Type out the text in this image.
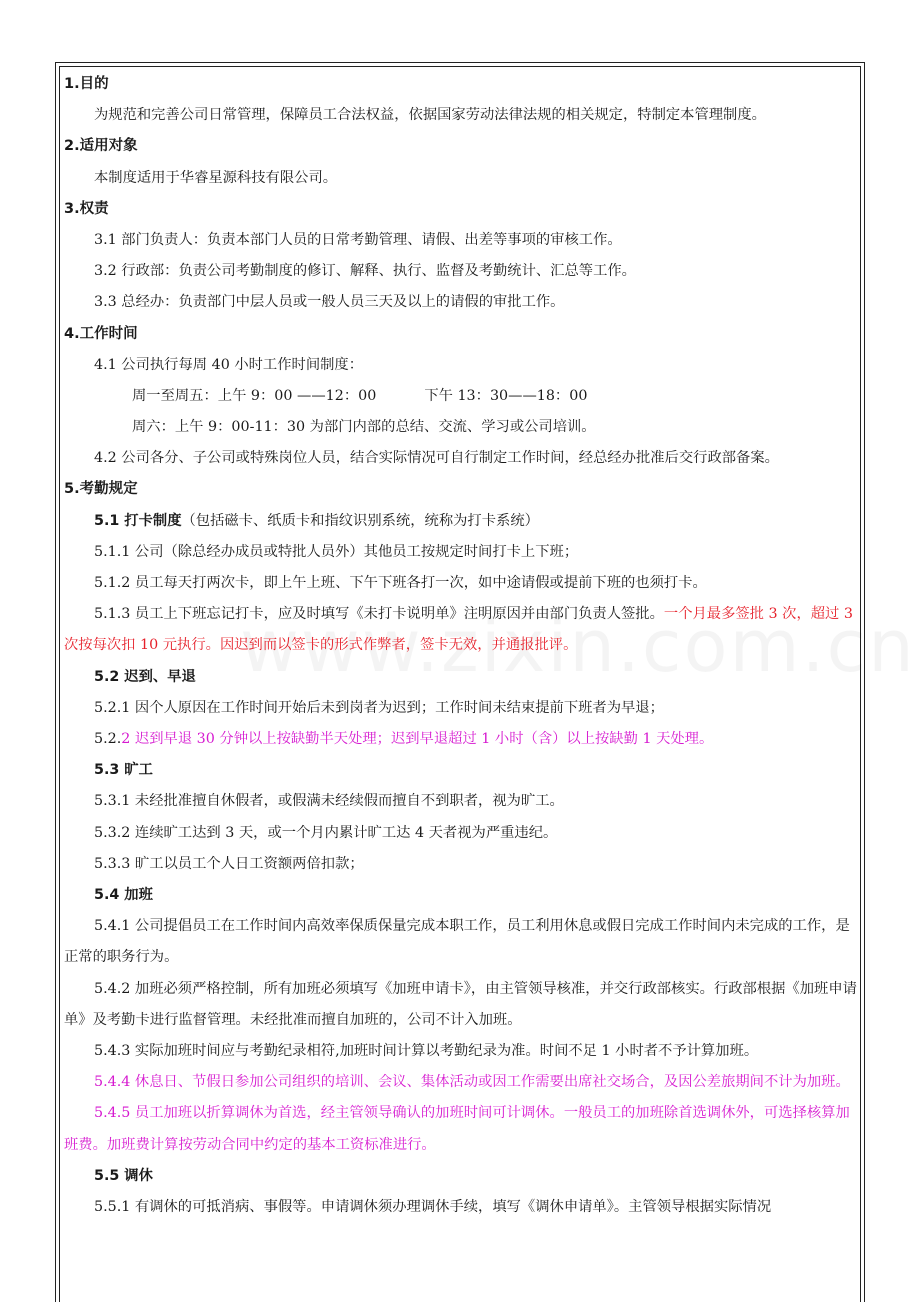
1.目的
为规范和完善公司日常管理，保障员工合法权益，依据国家劳动法律法规的相关规定，特制定本管理制度。
2.适用对象
本制度适用于华睿星源科技有限公司。
3.权责
3.1 部门负责人：负责本部门人员的日常考勤管理、请假、出差等事项的审核工作。
3.2 行政部：负责公司考勤制度的修订、解释、执行、监督及考勤统计、汇总等工作。
3.3 总经办：负责部门中层人员或一般人员三天及以上的请假的审批工作。
4.工作时间
4.1 公司执行每周 40 小时工作时间制度：
周一至周五：上午 9：00 ——12：00	下午 13：30——18：00
周六：上午 9：00-11：30 为部门内部的总结、交流、学习或公司培训。
4.2 公司各分、子公司或特殊岗位人员，结合实际情况可自行制定工作时间，经总经办批准后交行政部备案。
5.考勤规定
5.1 打卡制度（包括磁卡、纸质卡和指纹识别系统，统称为打卡系统）
5.1.1 公司（除总经办成员或特批人员外）其他员工按规定时间打卡上下班；
5.1.2 员工每天打两次卡，即上午上班、下午下班各打一次，如中途请假或提前下班的也须打卡。
5.1.3 员工上下班忘记打卡，应及时填写《未打卡说明单》注明原因并由部门负责人签批。一个月最多签批 3 次，超过 3 次按每次扣 10 元执行。因迟到而以签卡的形式作弊者，签卡无效，并通报批评。
5.2 迟到、早退
5.2.1 因个人原因在工作时间开始后未到岗者为迟到；工作时间未结束提前下班者为早退；
5.2.2 迟到早退 30 分钟以上按缺勤半天处理；迟到早退超过 1 小时（含）以上按缺勤 1 天处理。
5.3 旷工
5.3.1 未经批准擅自休假者，或假满未经续假而擅自不到职者，视为旷工。
5.3.2 连续旷工达到 3 天，或一个月内累计旷工达 4 天者视为严重违纪。
5.3.3 旷工以员工个人日工资额两倍扣款；
5.4 加班
5.4.1 公司提倡员工在工作时间内高效率保质保量完成本职工作，员工利用休息或假日完成工作时间内未完成的工作，是正常的职务行为。
5.4.2 加班必须严格控制，所有加班必须填写《加班申请卡》，由主管领导核准，并交行政部核实。行政部根据《加班申请单》及考勤卡进行监督管理。未经批准而擅自加班的，公司不计入加班。
5.4.3 实际加班时间应与考勤纪录相符,加班时间计算以考勤纪录为准。时间不足 1 小时者不予计算加班。
5.4.4 休息日、节假日参加公司组织的培训、会议、集体活动或因工作需要出席社交场合，及因公差旅期间不计为加班。
5.4.5 员工加班以折算调休为首选，经主管领导确认的加班时间可计调休。一般员工的加班除首选调休外，可选择核算加班费。加班费计算按劳动合同中约定的基本工资标准进行。
5.5 调休
5.5.1 有调休的可抵消病、事假等。申请调休须办理调休手续，填写《调休申请单》。主管领导根据实际情况
